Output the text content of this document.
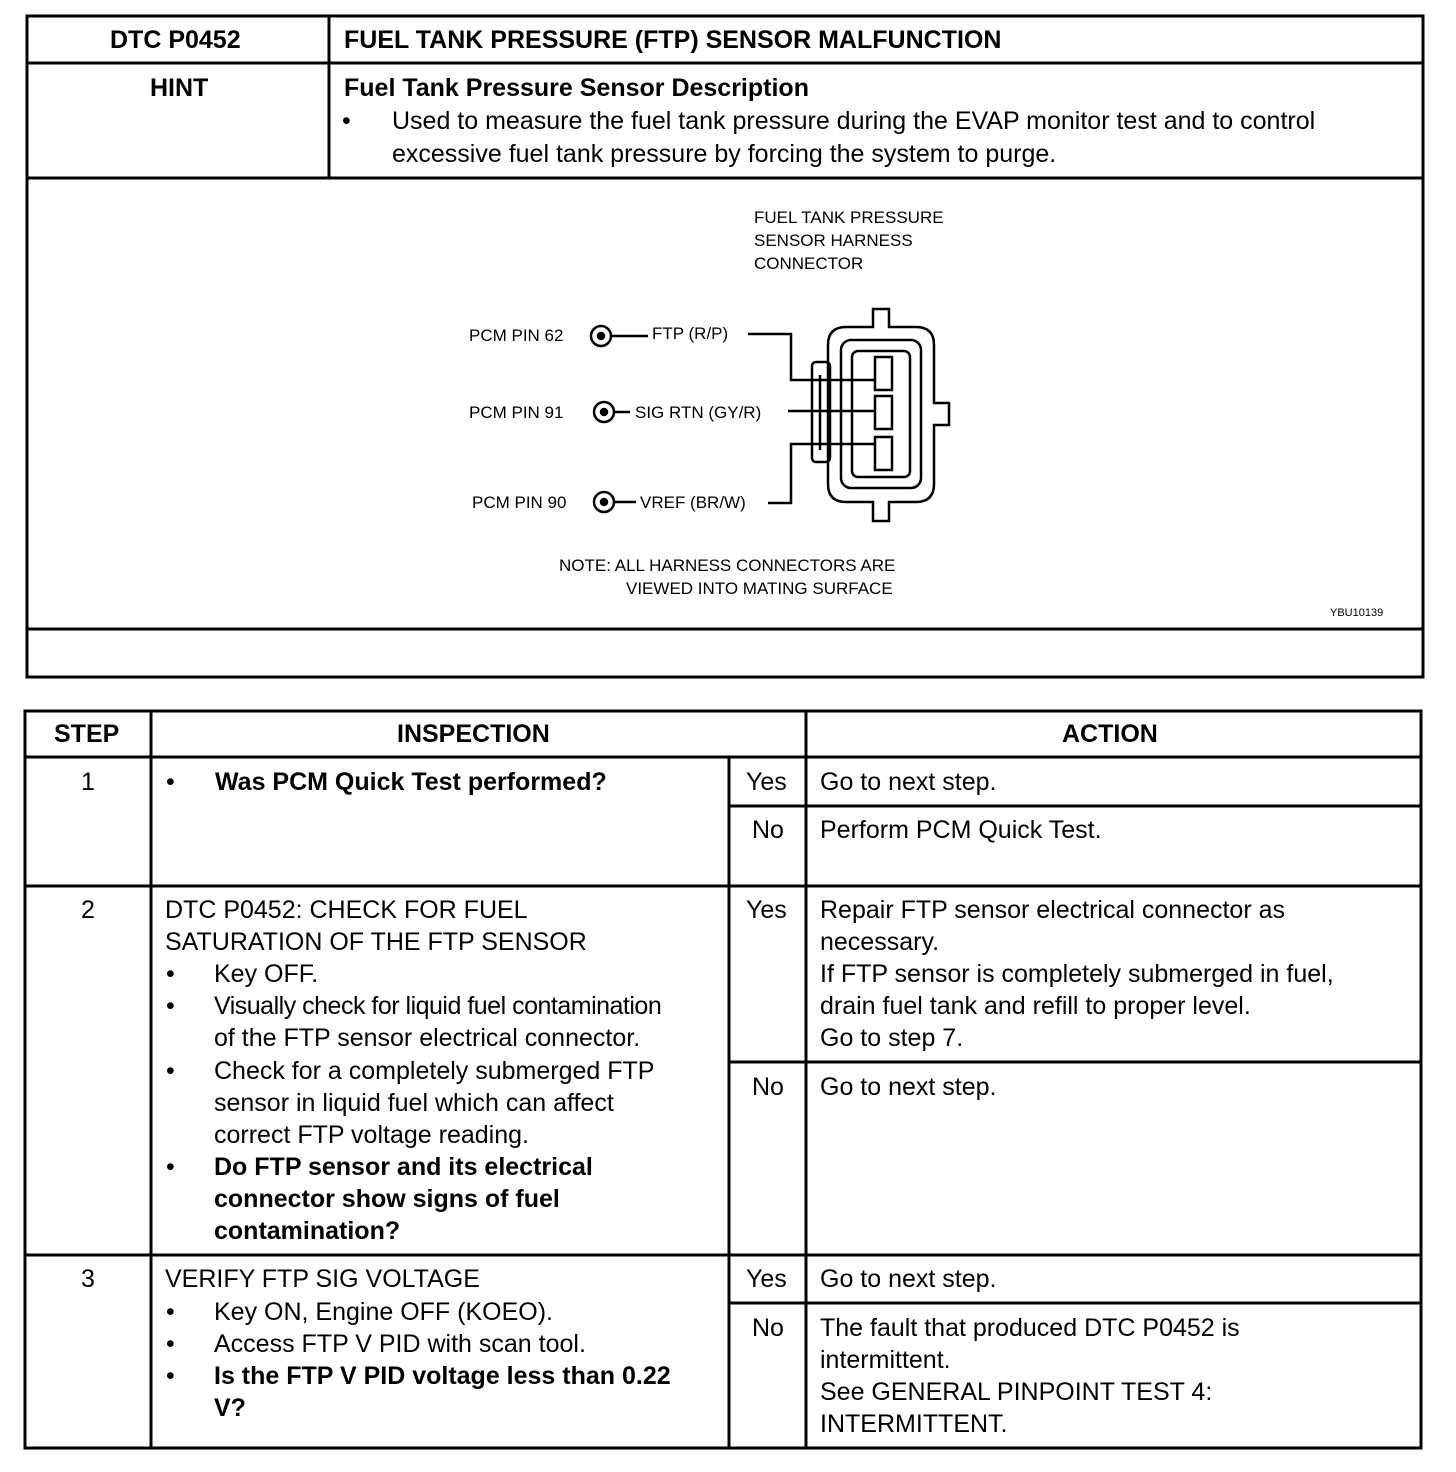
DTC P0452	FUEL TANK PRESSURE (FTP) SENSOR MALFUNCTION
HINT	Fuel Tank Pressure Sensor Description
• Used to measure the fuel tank pressure during the EVAP monitor test and to control
excessive fuel tank pressure by forcing the system to purge.
FUEL TANK PRESSURE
SENSOR HARNESS
CONNECTOR
PCM PIN 62	FTP (R/P)
PCM PIN 91	SIG RTN (GY/R)
PCM PIN 90	VREF (BR/W)
NOTE: ALL HARNESS CONNECTORS ARE
VIEWED INTO MATING SURFACE
YBU10139
STEP	INSPECTION	ACTION
1	• Was PCM Quick Test performed?	Yes Go to next step.
No Perform PCM Quick Test.
2	DTC P0452: CHECK FOR FUEL
SATURATION OF THE FTP SENSOR
• Key OFF.
• Visually check for liquid fuel contamination
of the FTP sensor electrical connector.
• Check for a completely submerged FTP
sensor in liquid fuel which can affect
correct FTP voltage reading.
• Do FTP sensor and its electrical
connector show signs of fuel
contamination?
Yes Repair FTP sensor electrical connector as
necessary.
If FTP sensor is completely submerged in fuel,
drain fuel tank and refill to proper level.
Go to step 7.
No Go to next step.
3	VERIFY FTP SIG VOLTAGE
• Key ON, Engine OFF (KOEO).
• Access FTP V PID with scan tool.
• Is the FTP V PID voltage less than 0.22
V?
Yes Go to next step.
No The fault that produced DTC P0452 is
intermittent.
See GENERAL PINPOINT TEST 4:
INTERMITTENT.
